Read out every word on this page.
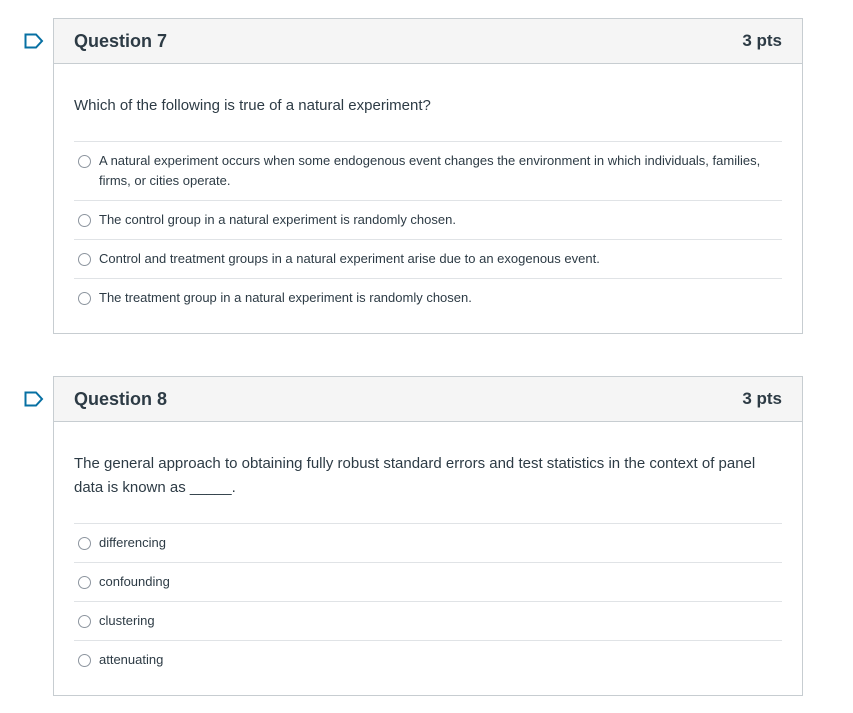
Question 7	3 pts
Which of the following is true of a natural experiment?
A natural experiment occurs when some endogenous event changes the environment in which individuals, families, firms, or cities operate.
The control group in a natural experiment is randomly chosen.
Control and treatment groups in a natural experiment arise due to an exogenous event.
The treatment group in a natural experiment is randomly chosen.
Question 8	3 pts
The general approach to obtaining fully robust standard errors and test statistics in the context of panel data is known as _____.
differencing
confounding
clustering
attenuating
